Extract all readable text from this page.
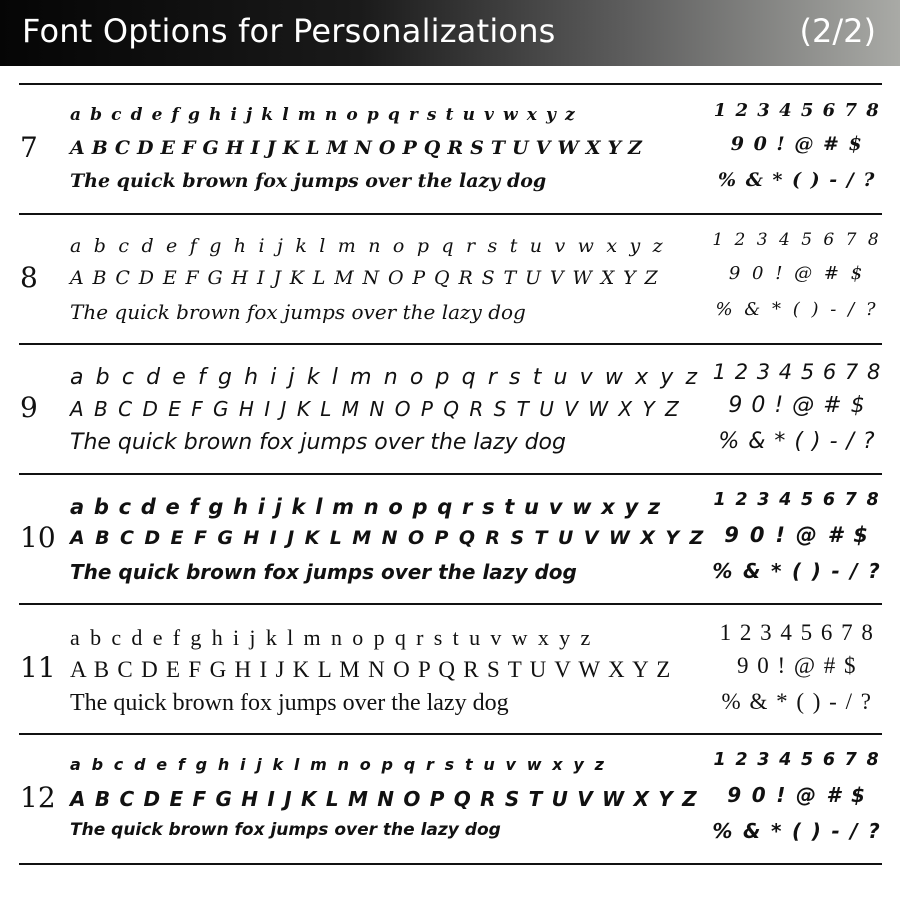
Font Options for Personalizations	(2/2)
7
a b c d e f g h i j k l m n o p q r s t u v w x y z
A B C D E F G H I J K L M N O P Q R S T U V W X Y Z
The quick brown fox jumps over the lazy dog
1 2 3 4 5 6 7 8
9 0 ! @ # $
% & * ( ) - / ?
8
a b c d e f g h i j k l m n o p q r s t u v w x y z
A B C D E F G H I J K L M N O P Q R S T U V W X Y Z
The quick brown fox jumps over the lazy dog
1 2 3 4 5 6 7 8
9 0 ! @ # $
% & * ( ) - / ?
9
a b c d e f g h i j k l m n o p q r s t u v w x y z
A B C D E F G H I J K L M N O P Q R S T U V W X Y Z
The quick brown fox jumps over the lazy dog
1 2 3 4 5 6 7 8
9 0 ! @ # $
% & * ( ) - / ?
10
a b c d e f g h i j k l m n o p q r s t u v w x y z
A B C D E F G H I J K L M N O P Q R S T U V W X Y Z
The quick brown fox jumps over the lazy dog
1 2 3 4 5 6 7 8
9 0 ! @ # $
% & * ( ) - / ?
11
a b c d e f g h i j k l m n o p q r s t u v w x y z
A B C D E F G H I J K L M N O P Q R S T U V W X Y Z
The quick brown fox jumps over the lazy dog
1 2 3 4 5 6 7 8
9 0 ! @ # $
% & * ( ) - / ?
12
a b c d e f g h i j k l m n o p q r s t u v w x y z
A B C D E F G H I J K L M N O P Q R S T U V W X Y Z
The quick brown fox jumps over the lazy dog
1 2 3 4 5 6 7 8
9 0 ! @ # $
% & * ( ) - / ?
